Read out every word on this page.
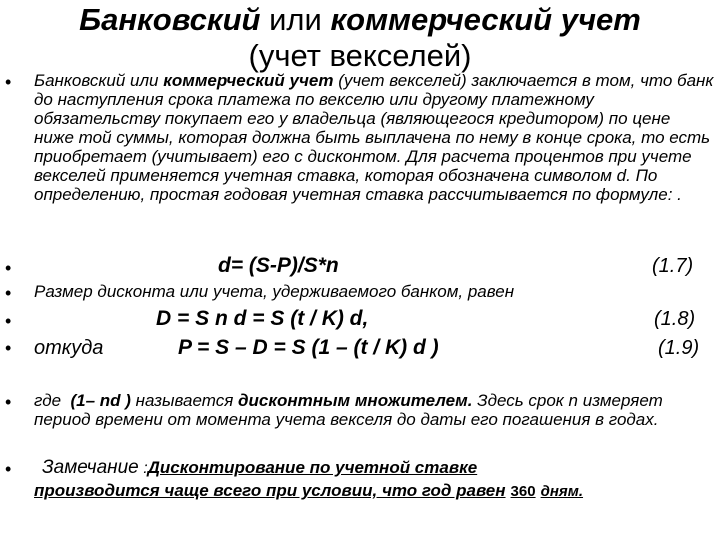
Банковский или коммерческий учет
(учет векселей)
• Банковский или коммерческий учет (учет векселей) заключается в том, что банк до наступления срока платежа по векселю или другому платежному обязательству покупает его у владельца (являющегося кредитором) по цене ниже той суммы, которая должна быть выплачена по нему в конце срока, то есть приобретает (учитывает) его с дисконтом. Для расчета процентов при учете векселей применяется учетная ставка, которая обозначена символом d. По определению, простая годовая учетная ставка рассчитывается по формуле: .
•	d= (S-P)/S*n	(1.7)
• Размер дисконта или учета, удерживаемого банком, равен
•	D = S n d = S (t / K) d,	(1.8)
• откуда	P = S – D = S (1 – (t / K) d )	(1.9)
• где  (1– nd ) называется дисконтным множителем. Здесь срок n измеряет период времени от момента учета векселя до даты его погашения в годах.
• Замечание :Дисконтирование по учетной ставке
производится чаще всего при условии, что год равен 360 дням.
